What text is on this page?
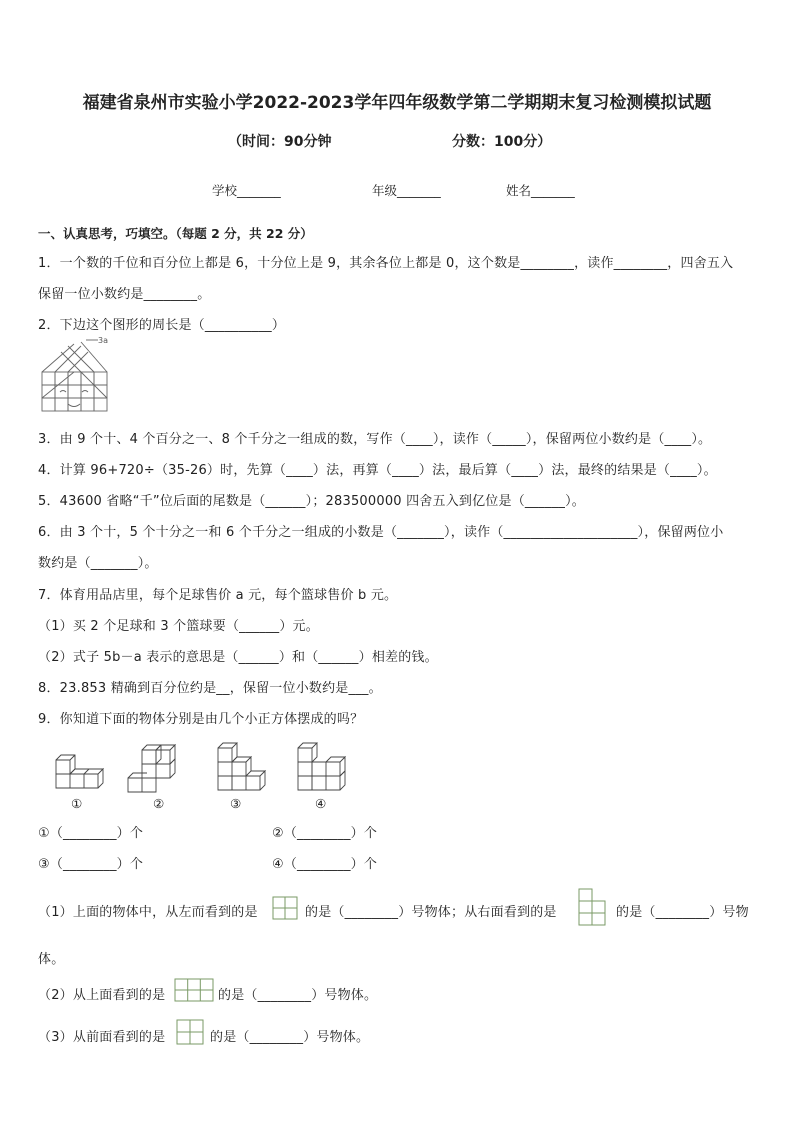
福建省泉州市实验小学2022-2023学年四年级数学第二学期期末复习检测模拟试题
（时间：90分钟	分数：100分）
学校_______	年级_______	姓名_______
一、认真思考，巧填空。（每题 2 分，共 22 分）
1．一个数的千位和百分位上都是 6，十分位上是 9，其余各位上都是 0，这个数是________，读作________，四舍五入
保留一位小数约是________。
2．下边这个图形的周长是（__________）
3a
3．由 9 个十、4 个百分之一、8 个千分之一组成的数，写作（____），读作（_____），保留两位小数约是（____）。
4．计算 96+720÷（35-26）时，先算（____）法，再算（____）法，最后算（____）法，最终的结果是（____）。
5．43600 省略“千”位后面的尾数是（______）；283500000 四舍五入到亿位是（______）。
6．由 3 个十，5 个十分之一和 6 个千分之一组成的小数是（_______），读作（____________________），保留两位小
数约是（_______）。
7．体育用品店里，每个足球售价 a 元，每个篮球售价 b 元。
（1）买 2 个足球和 3 个篮球要（______）元。
（2）式子 5b－a 表示的意思是（______）和（______）相差的钱。
8．23.853 精确到百分位约是__，保留一位小数约是___。
9．你知道下面的物体分别是由几个小正方体摆成的吗？
①	②	③	④
①（________）个	②（________）个
③（________）个	④（________）个
（1）上面的物体中，从左而看到的是	的是（________）号物体；从右面看到的是	的是（________）号物
体。
（2）从上面看到的是	的是（________）号物体。
（3）从前面看到的是	的是（________）号物体。
